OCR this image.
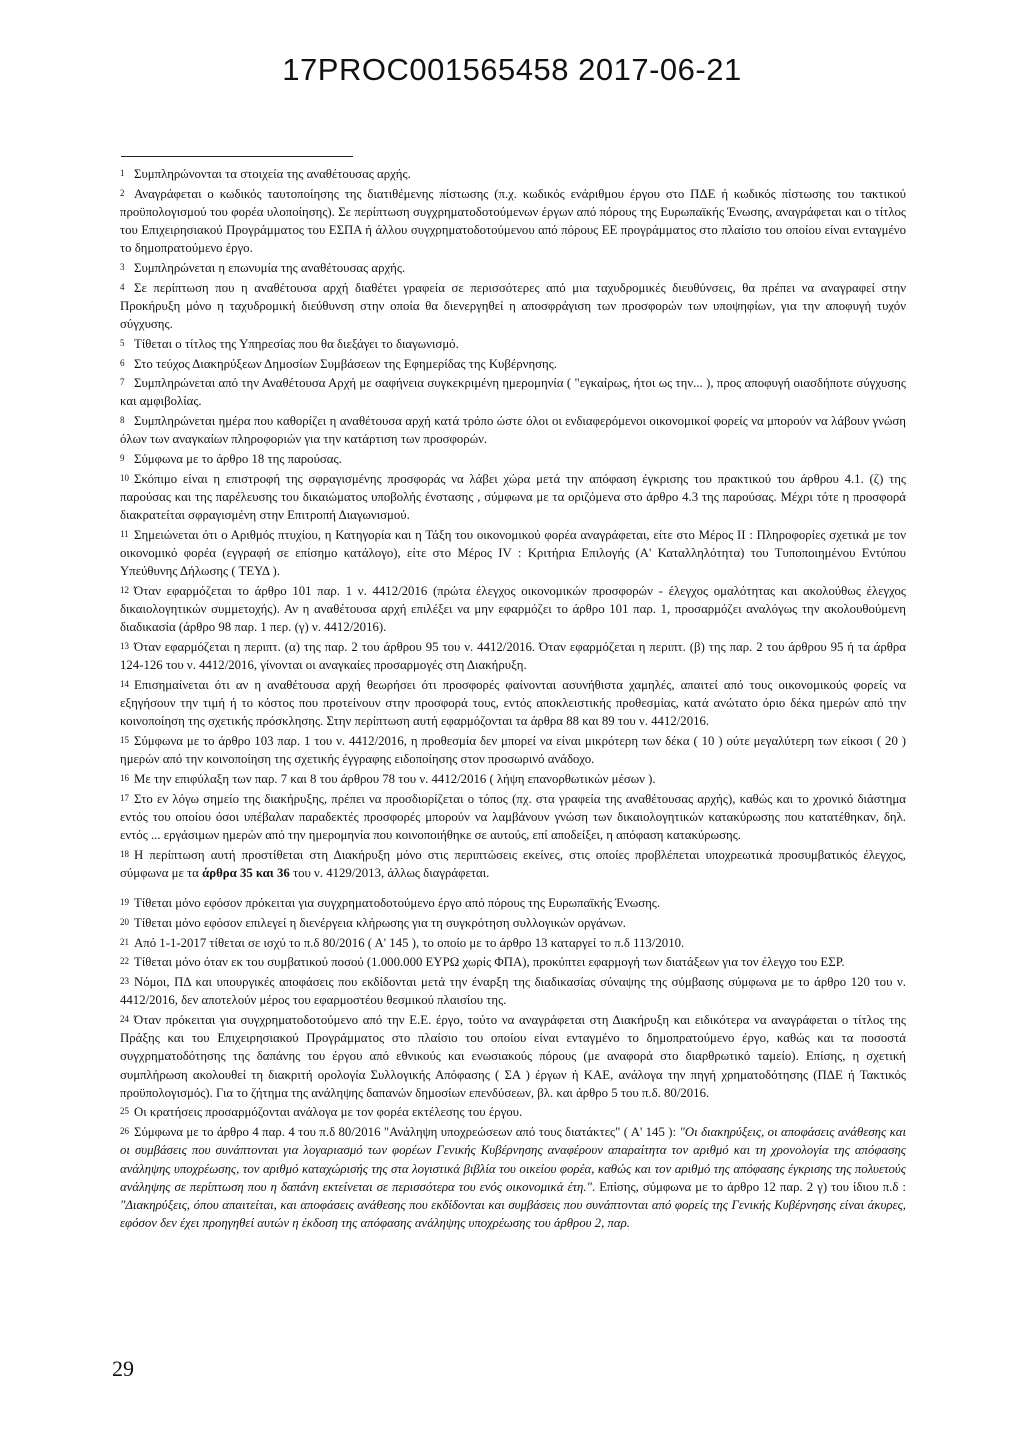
17PROC001565458 2017-06-21

1 Συμπληρώνονται τα στοιχεία της αναθέτουσας αρχής.

2 Αναγράφεται ο κωδικός ταυτοποίησης της διατιθέμενης πίστωσης (π.χ. κωδικός ενάριθμου έργου στο ΠΔΕ ή κωδικός πίστωσης του τακτικού προϋπολογισμού του φορέα υλοποίησης). Σε περίπτωση συγχρηματοδοτούμενων έργων από πόρους της Ευρωπαϊκής Ένωσης, αναγράφεται και ο τίτλος του Επιχειρησιακού Προγράμματος του ΕΣΠΑ ή άλλου συγχρηματοδοτούμενου από πόρους ΕΕ προγράμματος στο πλαίσιο του οποίου είναι ενταγμένο το δημοπρατούμενο έργο.

3 Συμπληρώνεται η επωνυμία της αναθέτουσας αρχής.

4 Σε περίπτωση που η αναθέτουσα αρχή διαθέτει γραφεία σε περισσότερες από μια ταχυδρομικές διευθύνσεις, θα πρέπει να αναγραφεί στην Προκήρυξη μόνο η ταχυδρομική διεύθυνση στην οποία θα διενεργηθεί η αποσφράγιση των προσφορών των υποψηφίων, για την αποφυγή τυχόν σύγχυσης.

5 Τίθεται ο τίτλος της Υπηρεσίας που θα διεξάγει το διαγωνισμό.

6 Στο τεύχος Διακηρύξεων Δημοσίων Συμβάσεων της Εφημερίδας της Κυβέρνησης.

7 Συμπληρώνεται από την Αναθέτουσα Αρχή με σαφήνεια συγκεκριμένη ημερομηνία ( "εγκαίρως, ήτοι ως την... ), προς αποφυγή οιασδήποτε σύγχυσης και αμφιβολίας.

8 Συμπληρώνεται ημέρα που καθορίζει η αναθέτουσα αρχή κατά τρόπο ώστε όλοι οι ενδιαφερόμενοι οικονομικοί φορείς να μπορούν να λάβουν γνώση όλων των αναγκαίων πληροφοριών για την κατάρτιση των προσφορών.

9 Σύμφωνα με το άρθρο 18 της παρούσας.

10 Σκόπιμο είναι η επιστροφή της σφραγισμένης προσφοράς να λάβει χώρα μετά την απόφαση έγκρισης του πρακτικού του άρθρου 4.1. (ζ) της παρούσας και της παρέλευσης του δικαιώματος υποβολής ένστασης , σύμφωνα με τα οριζόμενα στο άρθρο 4.3 της παρούσας. Μέχρι τότε η προσφορά διακρατείται σφραγισμένη στην Επιτροπή Διαγωνισμού.

11 Σημειώνεται ότι ο Αριθμός πτυχίου, η Κατηγορία και η Τάξη του οικονομικού φορέα αναγράφεται, είτε στο Μέρος II : Πληροφορίες σχετικά με τον οικονομικό φορέα (εγγραφή σε επίσημο κατάλογο), είτε στο Μέρος IV : Κριτήρια Επιλογής (Α' Καταλληλότητα) του Τυποποιημένου Εντύπου Υπεύθυνης Δήλωσης ( ΤΕΥΔ ).

12 Όταν εφαρμόζεται το άρθρο 101 παρ. 1 ν. 4412/2016 (πρώτα έλεγχος οικονομικών προσφορών - έλεγχος ομαλότητας και ακολούθως έλεγχος δικαιολογητικών συμμετοχής). Αν η αναθέτουσα αρχή επιλέξει να μην εφαρμόζει το άρθρο 101 παρ. 1, προσαρμόζει αναλόγως την ακολουθούμενη διαδικασία (άρθρο 98 παρ. 1 περ. (γ) ν. 4412/2016).

13 Όταν εφαρμόζεται η περιπτ. (α) της παρ. 2 του άρθρου 95 του ν. 4412/2016. Όταν εφαρμόζεται η περιπτ. (β) της παρ. 2 του άρθρου 95 ή τα άρθρα 124-126 του ν. 4412/2016, γίνονται οι αναγκαίες προσαρμογές στη Διακήρυξη.

14 Επισημαίνεται ότι αν η αναθέτουσα αρχή θεωρήσει ότι προσφορές φαίνονται ασυνήθιστα χαμηλές, απαιτεί από τους οικονομικούς φορείς να εξηγήσουν την τιμή ή το κόστος που προτείνουν στην προσφορά τους, εντός αποκλειστικής προθεσμίας, κατά ανώτατο όριο δέκα ημερών από την κοινοποίηση της σχετικής πρόσκλησης. Στην περίπτωση αυτή εφαρμόζονται τα άρθρα 88 και 89 του ν. 4412/2016.

15 Σύμφωνα με το άρθρο 103 παρ. 1 του ν. 4412/2016, η προθεσμία δεν μπορεί να είναι μικρότερη των δέκα ( 10 ) ούτε μεγαλύτερη των είκοσι ( 20 ) ημερών από την κοινοποίηση της σχετικής έγγραφης ειδοποίησης στον προσωρινό ανάδοχο.

16 Με την επιφύλαξη των παρ. 7 και 8 του άρθρου 78 του ν. 4412/2016 ( λήψη επανορθωτικών μέσων ).

17 Στο εν λόγω σημείο της διακήρυξης, πρέπει να προσδιορίζεται ο τόπος (πχ. στα γραφεία της αναθέτουσας αρχής), καθώς και το χρονικό διάστημα εντός του οποίου όσοι υπέβαλαν παραδεκτές προσφορές μπορούν να λαμβάνουν γνώση των δικαιολογητικών κατακύρωσης που κατατέθηκαν, δηλ. εντός ... εργάσιμων ημερών από την ημερομηνία που κοινοποιήθηκε σε αυτούς, επί αποδείξει, η απόφαση κατακύρωσης.

18 Η περίπτωση αυτή προστίθεται στη Διακήρυξη μόνο στις περιπτώσεις εκείνες, στις οποίες προβλέπεται υποχρεωτικά προσυμβατικός έλεγχος, σύμφωνα με τα άρθρα 35 και 36 του ν. 4129/2013, άλλως διαγράφεται.

19 Τίθεται μόνο εφόσον πρόκειται για συγχρηματοδοτούμενο έργο από πόρους της Ευρωπαϊκής Ένωσης.

20 Τίθεται μόνο εφόσον επιλεγεί η διενέργεια κλήρωσης για τη συγκρότηση συλλογικών οργάνων.

21 Από 1-1-2017 τίθεται σε ισχύ το π.δ 80/2016 ( Α' 145 ), το οποίο με το άρθρο 13 καταργεί το π.δ 113/2010.

22 Τίθεται μόνο όταν εκ του συμβατικού ποσού (1.000.000 ΕΥΡΩ χωρίς ΦΠΑ), προκύπτει εφαρμογή των διατάξεων για τον έλεγχο του ΕΣΡ.

23 Νόμοι, ΠΔ και υπουργικές αποφάσεις που εκδίδονται μετά την έναρξη της διαδικασίας σύναψης της σύμβασης σύμφωνα με το άρθρο 120 του ν. 4412/2016, δεν αποτελούν μέρος του εφαρμοστέου θεσμικού πλαισίου της.

24 Όταν πρόκειται για συγχρηματοδοτούμενο από την Ε.Ε. έργο, τούτο να αναγράφεται στη Διακήρυξη και ειδικότερα να αναγράφεται ο τίτλος της Πράξης και του Επιχειρησιακού Προγράμματος στο πλαίσιο του οποίου είναι ενταγμένο το δημοπρατούμενο έργο, καθώς και τα ποσοστά συγχρηματοδότησης της δαπάνης του έργου από εθνικούς και ενωσιακούς πόρους (με αναφορά στο διαρθρωτικό ταμείο). Επίσης, η σχετική συμπλήρωση ακολουθεί τη διακριτή ορολογία Συλλογικής Απόφασης ( ΣΑ ) έργων ή ΚΑΕ, ανάλογα την πηγή χρηματοδότησης (ΠΔΕ ή Τακτικός προϋπολογισμός). Για το ζήτημα της ανάληψης δαπανών δημοσίων επενδύσεων, βλ. και άρθρο 5 του π.δ. 80/2016.

25 Οι κρατήσεις προσαρμόζονται ανάλογα με τον φορέα εκτέλεσης του έργου.

26 Σύμφωνα με το άρθρο 4 παρ. 4 του π.δ 80/2016 "Ανάληψη υποχρεώσεων από τους διατάκτες" ( Α' 145 ): "Οι διακηρύξεις, οι αποφάσεις ανάθεσης και οι συμβάσεις που συνάπτονται για λογαριασμό των φορέων Γενικής Κυβέρνησης αναφέρουν απαραίτητα τον αριθμό και τη χρονολογία της απόφασης ανάληψης υποχρέωσης, τον αριθμό καταχώρισής της στα λογιστικά βιβλία του οικείου φορέα, καθώς και τον αριθμό της απόφασης έγκρισης της πολυετούς ανάληψης σε περίπτωση που η δαπάνη εκτείνεται σε περισσότερα του ενός οικονομικά έτη.". Επίσης, σύμφωνα με το άρθρο 12 παρ. 2 γ) του ίδιου π.δ : "Διακηρύξεις, όπου απαιτείται, και αποφάσεις ανάθεσης που εκδίδονται και συμβάσεις που συνάπτονται από φορείς της Γενικής Κυβέρνησης είναι άκυρες, εφόσον δεν έχει προηγηθεί αυτών η έκδοση της απόφασης ανάληψης υποχρέωσης του άρθρου 2, παρ.

29
